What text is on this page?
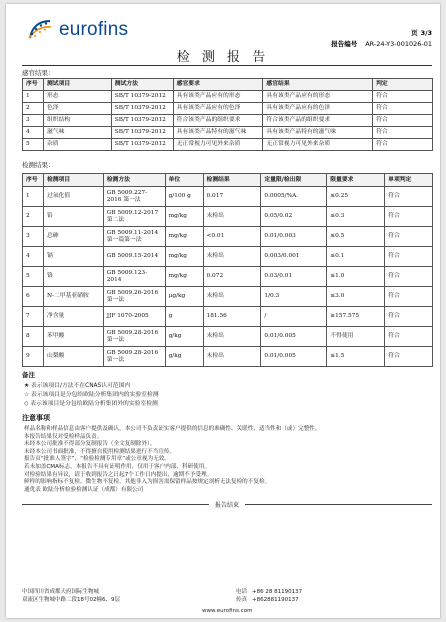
eurofins	页 3/3
报告编号 AR-24-Y3-001026-01
检 测 报 告
感官结果：
序号	测试项目	测试方法	感官要求	感官结果	判定
1	形态	SB/T 10379-2012	具有该类产品应有的形态	具有该类产品应有的形态	符合
2	色泽	SB/T 10379-2012	具有该类产品应有的色泽	具有该类产品应有的色泽	符合
3	组织结构	SB/T 10379-2012	符合该类产品的组织要求	符合该类产品的组织要求	符合
4	滋气味	SB/T 10379-2012	具有该类产品特有的滋气味	具有该类产品特有的滋气味	符合
5	杂质	SB/T 10379-2012	无正常视力可见外来杂质	无正常视力可见外来杂质	符合
检测结果：
序号	检测项目	检测方法	单位	检测结果	定量限/检出限	限量要求	单项判定
1	过氧化值	GB 5009.227-2016 第一法	g/100 g	0.017	0.0005/%A.	≤0.25	符合
2	铅	GB 5009.12-2017 第二法	mg/kg	未检出	0.05/0.02	≤0.3	符合
3	总砷	GB 5009.11-2014 第一篇第一法	mg/kg	<0.01	0.01/0.003	≤0.5	符合
4	镉	GB 5009.15-2014	mg/kg	未检出	0.003/0.001	≤0.1	符合
5	铬	GB 5009.123-2014	mg/kg	0.072	0.03/0.01	≤1.0	符合
6	N-二甲基亚硝胺	GB 5009.26-2016 第一法	μg/kg	未检出	1/0.3	≤3.0	符合
7	净含量	JJF 1070-2005	g	181.56	/	≥157.575	符合
8	苯甲酸	GB 5009.28-2016 第一法	g/kg	未检出	0.01/0.005	不得使用	符合
9	山梨酸	GB 5009.28-2016 第一法	g/kg	未检出	0.01/0.005	≤1.5	符合
备注
★ 表示该项目/方法不在CNAS认可范围内
☆ 表示该项目是分包给欧陆分析集团内的实验室检测
◇ 表示该项目是分包给欧陆分析集团外的实验室检测
注意事项
样品名称和样品信息由客户提供及确认，本公司不负责证实客户提供的信息的准确性、关联性、适当性和（或）完整性。
本报告结果仅对受检样品负责。
未经本公司批准不得部分复制报告（全文复制除外）。
未经本公司书面批准，不得擅自使用检测结果进行不当宣传。
报告页“批准人签字”、“检验检测专用章”或公章视为无效。
若未加盖CMA标志，本报告不具有证明作用，仅用于客户内部、科研使用。
对检验结果有异议，请于收到报告之日起7个工作日内提出，逾期不予受理。
鲜样的影响指标不复检，微生物不复检，其他非入为损害需保留样品按规定剖析无法复检的不复检。
通优表 欧陆分析检验检测认证（成都）有限公司
报告结束
中国四川省成都天府国际生物城
双流区生物城中路二段18号02幢6、9层
电话 +86 28 81190137
传真 +862881190137
www.eurofins.com
